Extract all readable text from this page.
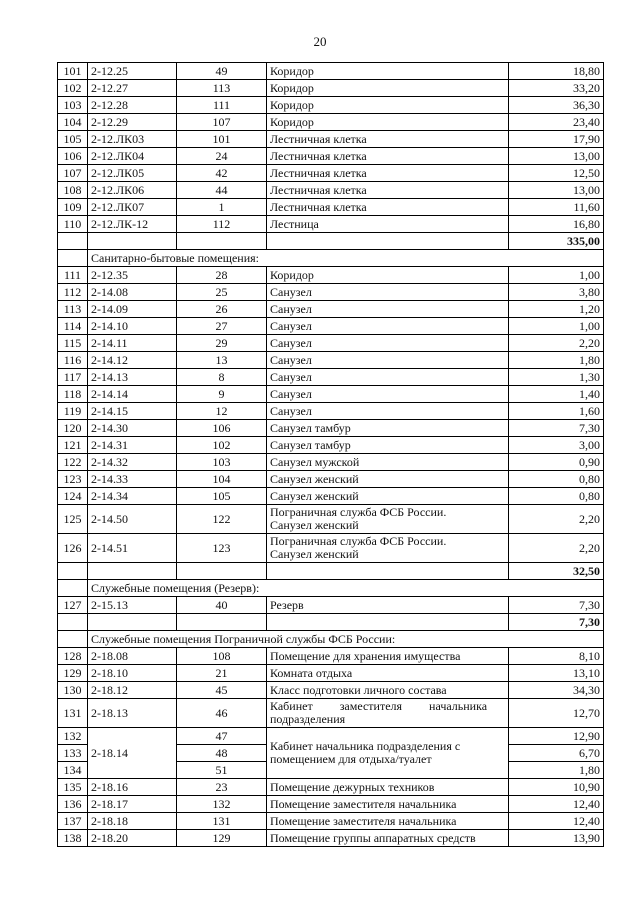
20
101	2-12.25	49	Коридор	18,80
102	2-12.27	113	Коридор	33,20
103	2-12.28	111	Коридор	36,30
104	2-12.29	107	Коридор	23,40
105	2-12.ЛК03	101	Лестничная клетка	17,90
106	2-12.ЛК04	24	Лестничная клетка	13,00
107	2-12.ЛК05	42	Лестничная клетка	12,50
108	2-12.ЛК06	44	Лестничная клетка	13,00
109	2-12.ЛК07	1	Лестничная клетка	11,60
110	2-12.ЛК-12	112	Лестница	16,80
				335,00
	Санитарно-бытовые помещения:			
111	2-12.35	28	Коридор	1,00
112	2-14.08	25	Санузел	3,80
113	2-14.09	26	Санузел	1,20
114	2-14.10	27	Санузел	1,00
115	2-14.11	29	Санузел	2,20
116	2-14.12	13	Санузел	1,80
117	2-14.13	8	Санузел	1,30
118	2-14.14	9	Санузел	1,40
119	2-14.15	12	Санузел	1,60
120	2-14.30	106	Санузел тамбур	7,30
121	2-14.31	102	Санузел тамбур	3,00
122	2-14.32	103	Санузел мужской	0,90
123	2-14.33	104	Санузел женский	0,80
124	2-14.34	105	Санузел женский	0,80
125	2-14.50	122	Пограничная служба ФСБ России.
Санузел женский	2,20
126	2-14.51	123	Пограничная служба ФСБ России.
Санузел женский	2,20
				32,50
	Служебные помещения (Резерв):			
127	2-15.13	40	Резерв	7,30
				7,30
	Служебные помещения Пограничной службы ФСБ России:			
128	2-18.08	108	Помещение для хранения имущества	8,10
129	2-18.10	21	Комната отдыха	13,10
130	2-18.12	45	Класс подготовки личного состава	34,30
131	2-18.13	46	Кабинет заместителя начальника
подразделения	12,70
132	2-18.14	47	Кабинет начальника подразделения с
помещением для отдыха/туалет	12,90
133		48		6,70
134		51		1,80
135	2-18.16	23	Помещение дежурных техников	10,90
136	2-18.17	132	Помещение заместителя начальника	12,40
137	2-18.18	131	Помещение заместителя начальника	12,40
138	2-18.20	129	Помещение группы аппаратных средств	13,90
